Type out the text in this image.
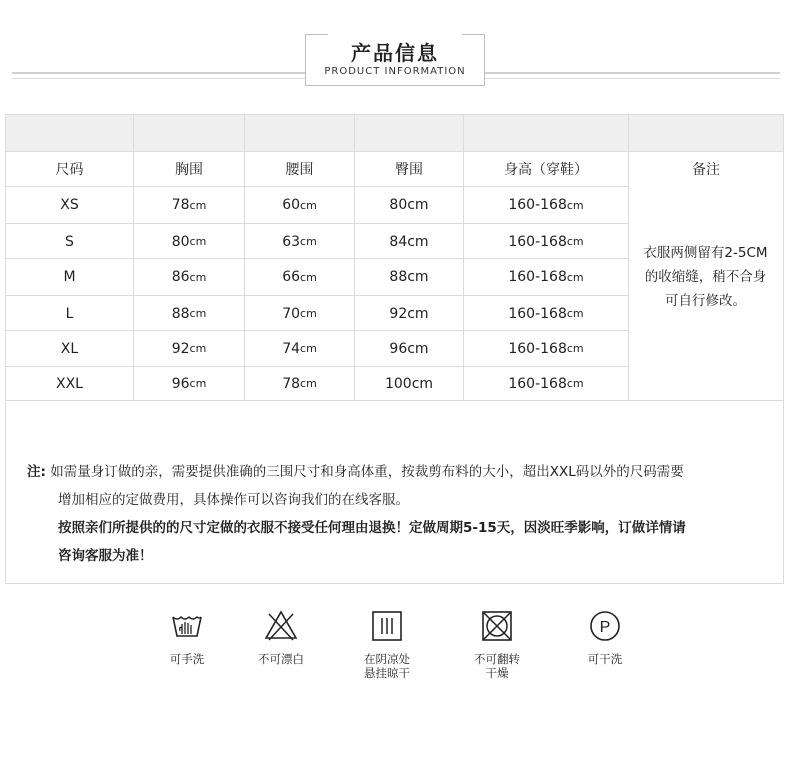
产品信息
PRODUCT INFORMATION
尺码	胸围	腰围	臀围	身高（穿鞋）	备注
XS	78 cm	60 cm	80cm	160-168 cm
S	80 cm	63 cm	84cm	160-168 cm
M	86 cm	66 cm	88cm	160-168 cm
L	88 cm	70 cm	92cm	160-168 cm
XL	92 cm	74 cm	96cm	160-168 cm
XXL	96 cm	78 cm	100cm	160-168 cm
衣服两侧留有2-5CM
的收缩缝，稍不合身
可自行修改。
注: 如需量身订做的亲，需要提供准确的三围尺寸和身高体重，按裁剪布料的大小，超出XXL码以外的尺码需要
增加相应的定做费用，具体操作可以咨询我们的在线客服。
按照亲们所提供的的尺寸定做的衣服不接受任何理由退换！定做周期5-15天，因淡旺季影响，订做详情请
咨询客服为准！
可手洗	不可漂白	在阴凉处
悬挂晾干
不可翻转
干燥
P
可干洗
